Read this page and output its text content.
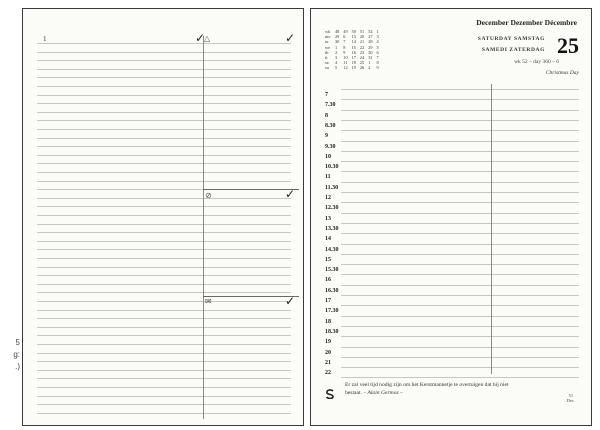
5
g:
.)
1	✓
△	✓
⊘	✓
✉	✓
wk	48 49 50 51 52 1
mo	29 6	13 20 27 3
tu	30 7	14 21 28 4
we	1	8	15 22 29 5
th	2	9	16 23 30 6
fr	3	10 17 24 31 7
sa	4	11 18 25 1	8
su	5	12 19 26 2	9
December Dezember Décembre
25
SATURDAY SAMSTAG
SAMEDI ZATERDAG
wk 52 – day 360 – 6
Christmas Day
Er zal veel tijd nodig zijn om het Kerstmannetje te overtuigen dat hij niet bestaat. – Alain Germoz –	51
Dec.
7
7.30
8
8.30
9
9.30
10
10.30
11
11.30
12
12.30
13
13.30
14
14.30
15
15.30
16
16.30
17
17.30
18
18.30
19
20
21
22
